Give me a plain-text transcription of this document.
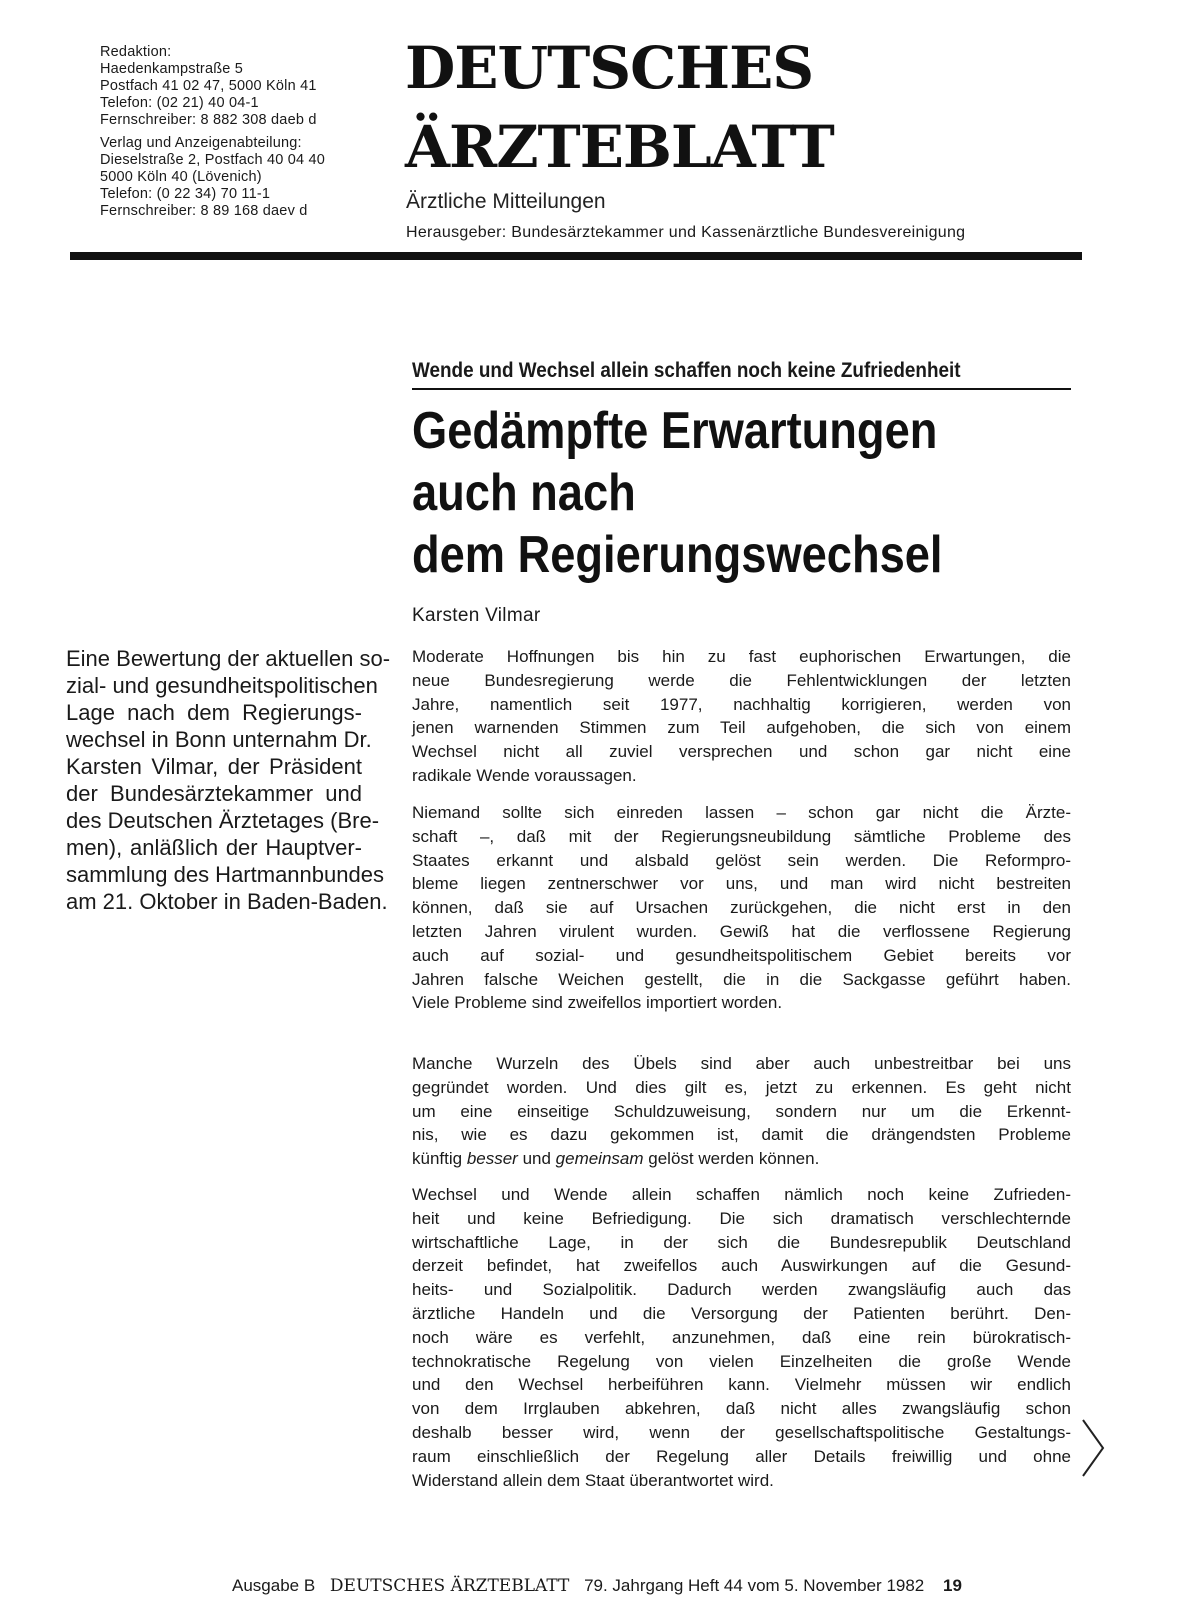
Redaktion:
Haedenkampstraße 5
Postfach 41 02 47, 5000 Köln 41
Telefon: (02 21) 40 04-1
Fernschreiber: 8 882 308 daeb d
Verlag und Anzeigenabteilung:
Dieselstraße 2, Postfach 40 04 40
5000 Köln 40 (Lövenich)
Telefon: (0 22 34) 70 11-1
Fernschreiber: 8 89 168 daev d
DEUTSCHES
ÄRZTEBLATT
Ärztliche Mitteilungen
Herausgeber: Bundesärztekammer und Kassenärztliche Bundesvereinigung
Wende und Wechsel allein schaffen noch keine Zufriedenheit
Gedämpfte Erwartungen
auch nach
dem Regierungswechsel
Karsten Vilmar
Eine Bewertung der aktuellen so-
zial- und gesundheitspolitischen
Lage nach dem Regierungs-
wechsel in Bonn unternahm Dr.
Karsten Vilmar, der Präsident
der Bundesärztekammer und
des Deutschen Ärztetages (Bre-
men), anläßlich der Hauptver-
sammlung des Hartmannbundes
am 21. Oktober in Baden-Baden.
Moderate Hoffnungen bis hin zu fast euphorischen Erwartungen, die
neue Bundesregierung werde die Fehlentwicklungen der letzten
Jahre, namentlich seit 1977, nachhaltig korrigieren, werden von
jenen warnenden Stimmen zum Teil aufgehoben, die sich von einem
Wechsel nicht all zuviel versprechen und schon gar nicht eine
radikale Wende voraussagen.
Niemand sollte sich einreden lassen – schon gar nicht die Ärzte-
schaft –, daß mit der Regierungsneubildung sämtliche Probleme des
Staates erkannt und alsbald gelöst sein werden. Die Reformpro-
bleme liegen zentnerschwer vor uns, und man wird nicht bestreiten
können, daß sie auf Ursachen zurückgehen, die nicht erst in den
letzten Jahren virulent wurden. Gewiß hat die verflossene Regierung
auch auf sozial- und gesundheitspolitischem Gebiet bereits vor
Jahren falsche Weichen gestellt, die in die Sackgasse geführt haben.
Viele Probleme sind zweifellos importiert worden.
Manche Wurzeln des Übels sind aber auch unbestreitbar bei uns
gegründet worden. Und dies gilt es, jetzt zu erkennen. Es geht nicht
um eine einseitige Schuldzuweisung, sondern nur um die Erkennt-
nis, wie es dazu gekommen ist, damit die drängendsten Probleme
künftig besser und gemeinsam gelöst werden können.
Wechsel und Wende allein schaffen nämlich noch keine Zufrieden-
heit und keine Befriedigung. Die sich dramatisch verschlechternde
wirtschaftliche Lage, in der sich die Bundesrepublik Deutschland
derzeit befindet, hat zweifellos auch Auswirkungen auf die Gesund-
heits- und Sozialpolitik. Dadurch werden zwangsläufig auch das
ärztliche Handeln und die Versorgung der Patienten berührt. Den-
noch wäre es verfehlt, anzunehmen, daß eine rein bürokratisch-
technokratische Regelung von vielen Einzelheiten die große Wende
und den Wechsel herbeiführen kann. Vielmehr müssen wir endlich
von dem Irrglauben abkehren, daß nicht alles zwangsläufig schon
deshalb besser wird, wenn der gesellschaftspolitische Gestaltungs-
raum einschließlich der Regelung aller Details freiwillig und ohne
Widerstand allein dem Staat überantwortet wird.
Ausgabe B DEUTSCHES ÄRZTEBLATT 79. Jahrgang Heft 44 vom 5. November 1982 19
